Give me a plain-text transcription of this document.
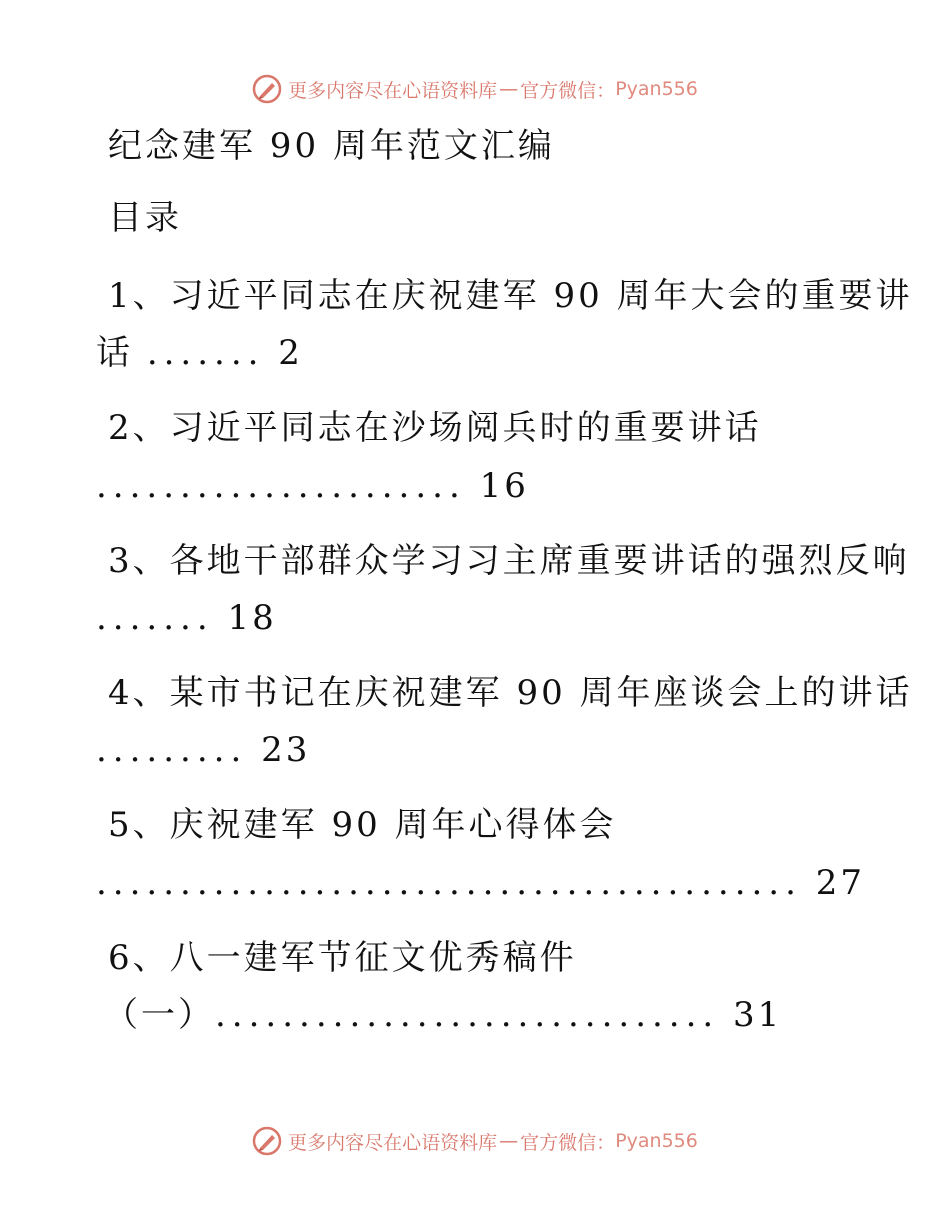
更多内容尽在心语资料库 — 官方微信： Pyan556
纪念建军 90 周年范文汇编
目录
1、习近平同志在庆祝建军 90 周年大会的重要讲
话 ....... 2
2、习近平同志在沙场阅兵时的重要讲话
...................... 16
3、各地干部群众学习习主席重要讲话的强烈反响
....... 18
4、某市书记在庆祝建军 90 周年座谈会上的讲话
......... 23
5、庆祝建军 90 周年心得体会
.......................................... 27
6、八一建军节征文优秀稿件
（一）.............................. 31
更多内容尽在心语资料库 — 官方微信： Pyan556
